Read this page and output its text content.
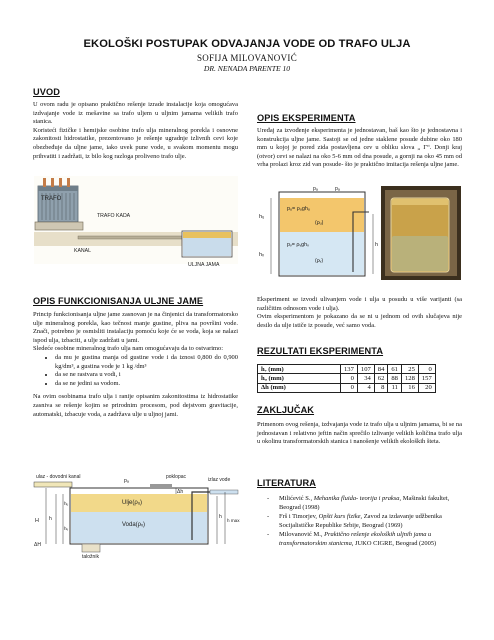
EKOLOŠKI POSTUPAK ODVAJANJA VODE OD TRAFO ULJA
SOFIJA MILOVANOVIĆ
DR. NENADA PARENTE 10
UVOD

U ovom radu je opisano praktično rešenje izrade instalacije koja omogućava izdvajanje vode iz mešavine sa trafo uljem u uljnim jamama velikih trafo stanica.

Koristeći fizičke i hemijske osobine trafo ulja mineralnog porekla i osnovne zakonitosti hidrostatike, prezentovano je rešenje ugradnje izlivnih cevi koje obezbeđuje da uljne jame, iako uvek pune vode, u svakom momentu mogu prihvatiti i zadržati, iz bilo kog razloga proliveno trafo ulje.

TRAFO
TRAFO KADA
KANAL
ULJNA JAMA
OPIS FUNKCIONISANJA ULJNE JAME

Princip funkcionisanja uljne jame zasnovan je na činjenici da transformatorsko ulje mineralnog porekla, kao tečnost manje gustine, pliva na površini vode. Znači, potrebno je osmisliti instalaciju pomoću koje će se voda, koja se nalazi ispod ulja, izbaciti, a ulje zadržati u jami.

Sledeće osobine mineralnog trafo ulja nam omogućavaju da to ostvarimo:

• da mu je gustina manja od gustine vode i da iznosi 0,800 do 0,900 kg/dm³, a gustina vode je 1 kg /dm³
• da se ne rastvara u vodi, i
• da se ne jedini sa vodom.

Na ovim osobinama trafo ulja i ranije opisanim zakonitostima iz hidrostatike zasniva se rešenje kojim se prirodnim procesom, pod dejstvom gravitacije, automatski, izbacuje voda, a zadržava ulje u uljnoj jami.

ulaz - dovodni kanal
pₐ
poklopac	izlaz vode
Ulje(ρᵤ)
Voda(ρᵥ)
Δh
taložnik
h max
h
hᵤ
hᵥ
H h
ΔH
OPIS EKSPERIMENTA

Uređaj za izvođenje eksperimenta je jednostavan, baš kao što je jednostavna i konstrukcija uljne jame. Sastoji se od jedne staklene posude dubine oko 180 mm u kojoj je pored zida postavljena cev u obliku slova „ Γ“. Donji kraj (otvor) cevi se nalazi na oko 5-6 mm od dna posude, a gornji na oko 45 mm od vrha prolazi kroz zid van posude- što je praktično imitacija rešenja uljne jame.

pₐ	pₐ
pᵤ= ρᵤghᵤ
(ρᵤ)
pᵥ= ρᵥghᵥ
(ρᵥ)
hᵤ
hᵥ
h

Eksperiment se izvodi ulivanjem vode i ulja u posudu u više varijanti (sa različitim odnosom vode i ulja).

Ovim eksperimentom je pokazano da se ni u jednom od ovih slučajeva nije desilo da ulje ističe iz posude, već samo voda.

REZULTATI EKSPERIMENTA
hᵥ (mm)	137	107	84	61	25	0
hᵤ (mm)	0	34	62	88	128	157
Δh (mm)	0	4	8	11	16	20
ZAKLJUČAK

Primenom ovog rešenja, izdvajanja vode iz trafo ulja u uljnim jamama, bi se na jednostavan i relativno jeftin način sprečilo izlivanje velikih količina trafo ulja u okolinu transformatorskih stanica i nanošenje velikih ekoloških šteta.

LITERATURA
- Milićević S., Mehanika fluida- teorija i praksa, Mašinski fakultet, Beograd (1998)
- Frš i Timorjev, Opšti kurs fizike, Zavod za izdavanje udžbenika Socijalističke Republike Srbije, Beograd (1969)
- Milovanović M., Praktično rešenje ekoloških uljnih jama u transformatorskim stanicma, JUKO CIGRE, Beograd (2005)
